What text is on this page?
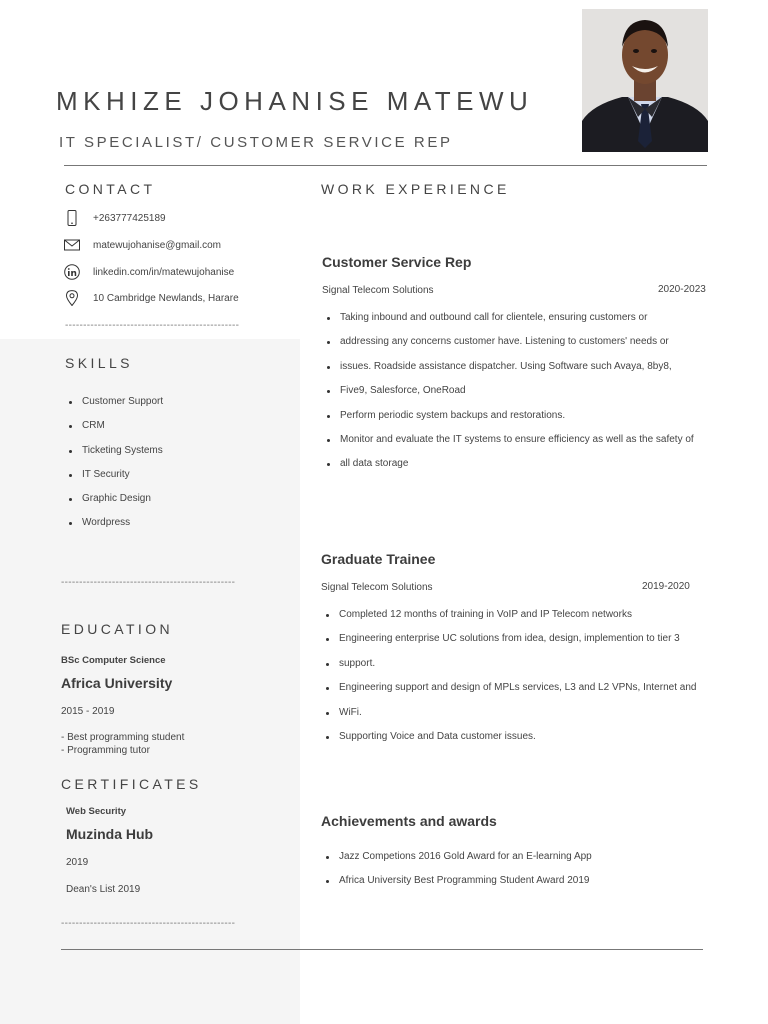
MKHIZE JOHANISE MATEWU
IT SPECIALIST/ CUSTOMER SERVICE REP
CONTACT
+263777425189
matewujohanise@gmail.com
linkedin.com/in/matewujohanise
10 Cambridge Newlands, Harare
------------------------------------------------
SKILLS
Customer Support
CRM
Ticketing Systems
IT Security
Graphic Design
Wordpress
------------------------------------------------
EDUCATION
BSc Computer Science
Africa University
2015 - 2019
- Best programming student
- Programming tutor
CERTIFICATES
Web Security
Muzinda Hub
2019
Dean's List 2019
------------------------------------------------
WORK EXPERIENCE
Customer Service Rep
Signal Telecom Solutions	2020-2023
Taking inbound and outbound call for clientele, ensuring customers or
addressing any concerns customer have. Listening to customers' needs or
issues. Roadside assistance dispatcher. Using Software such Avaya, 8by8,
Five9, Salesforce, OneRoad
Perform periodic system backups and restorations.
Monitor and evaluate the IT systems to ensure efficiency as well as the safety of
all data storage
Graduate Trainee
Signal Telecom Solutions	2019-2020
Completed 12 months of training in VoIP and IP Telecom networks
Engineering enterprise UC solutions from idea, design, implemention to tier 3
support.
Engineering support and design of MPLs services, L3 and L2 VPNs, Internet and
WiFi.
Supporting Voice and Data customer issues.
Achievements and awards
Jazz Competions 2016 Gold Award for an E-learning App
Africa University Best Programming Student Award 2019
